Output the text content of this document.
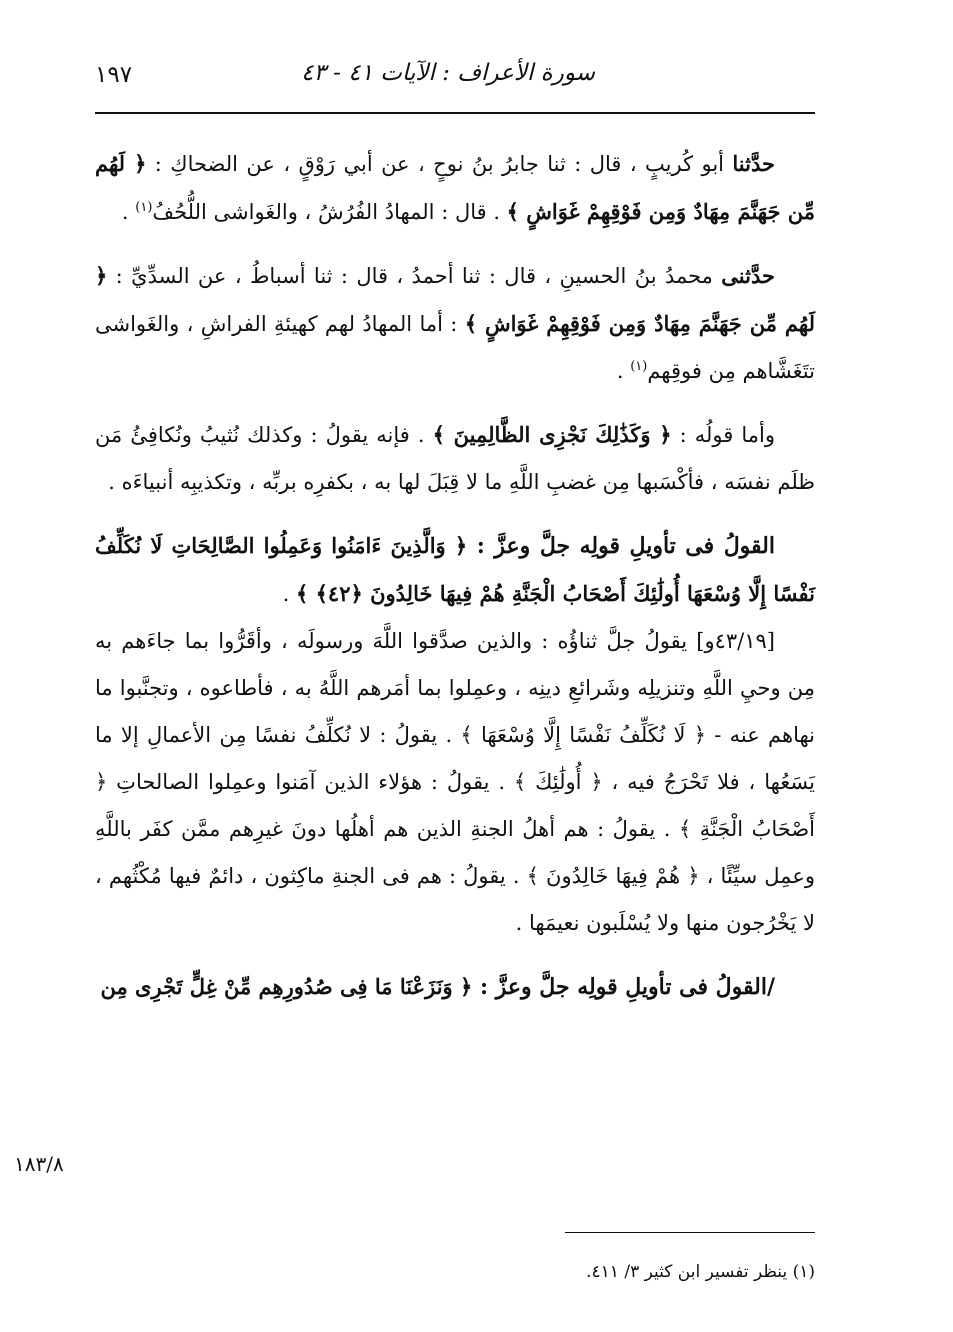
سورة الأعراف : الآيات ٤١ - ٤٣
١٩٧

حدَّثنا أبو كُريبٍ ، قال : ثنا جابرُ بنُ نوحٍ ، عن أبي رَوْقٍ ، عن الضحاكِ : ﴿ لَهُم مِّن جَهَنَّمَ مِهَادٌ وَمِن فَوْقِهِمْ غَوَاشٍ ﴾ . قال : المهادُ الفُرُشُ ، والغَواشى اللُّحُفُ$^{(١)}$ .

حدَّثنى محمدُ بنُ الحسينِ ، قال : ثنا أحمدُ ، قال : ثنا أسباطُ ، عن السدِّيِّ : ﴿ لَهُم مِّن جَهَنَّمَ مِهَادٌ وَمِن فَوْقِهِمْ غَوَاشٍ ﴾ : أما المهادُ لهم كهيئةِ الفراشِ ، والغَواشى تتَغَشَّاهم مِن فوقِهم$^{(١)}$ .

وأما قولُه : ﴿ وَكَذَٰلِكَ نَجْزِى الظَّالِمِينَ ﴾ . فإنه يقولُ : وكذلك نُثيبُ ونُكافِئُ مَن ظلَم نفسَه ، فأكْسَبها مِن غضبِ اللَّهِ ما لا قِبَلَ لها به ، بكفرِه بربِّه ، وتكذيبِه أنبياءَه .

القولُ فى تأويلِ قولِه جلَّ وعزَّ : ﴿ وَالَّذِينَ ءَامَنُوا وَعَمِلُوا الصَّالِحَاتِ لَا نُكَلِّفُ نَفْسًا إِلَّا وُسْعَهَا أُولَٰئِكَ أَصْحَابُ الْجَنَّةِ هُمْ فِيهَا خَالِدُونَ ﴿٤٢﴾ ﴾ .

[٤٣/١٩و] يقولُ جلَّ ثناؤُه : والذين صدَّقوا اللَّهَ ورسولَه ، وأقَرُّوا بما جاءَهم به مِن وحيِ اللَّهِ وتنزيلِه وشَرائعِ دينِه ، وعمِلوا بما أمَرهم اللَّهُ به ، فأطاعوه ، وتجنَّبوا ما نهاهم عنه - ﴿ لَا نُكَلِّفُ نَفْسًا إِلَّا وُسْعَهَا ﴾ . يقولُ : لا نُكلِّفُ نفسًا مِن الأعمالِ إلا ما يَسَعُها ، فلا تَحْرَجُ فيه ، ﴿ أُولَٰئِكَ ﴾ . يقولُ : هؤلاء الذين آمَنوا وعمِلوا الصالحاتِ ﴿ أَصْحَابُ الْجَنَّةِ ﴾ . يقولُ : هم أهلُ الجنةِ الذين هم أهلُها دونَ غيرِهم ممَّن كفَر باللَّهِ وعمِل سيِّئًا ، ﴿ هُمْ فِيهَا خَالِدُونَ ﴾ . يقولُ : هم فى الجنةِ ماكِثون ، دائمٌ فيها مُكْثُهم ، لا يَخْرُجون منها ولا يُسْلَبون نعيمَها .

/القولُ فى تأويلِ قولِه جلَّ وعزَّ : ﴿ وَنَزَعْنَا مَا فِى صُدُورِهِم مِّنْ غِلٍّ تَجْرِى مِن

١٨٣/٨
(١) ينظر تفسير ابن كثير ٣/ ٤١١.
